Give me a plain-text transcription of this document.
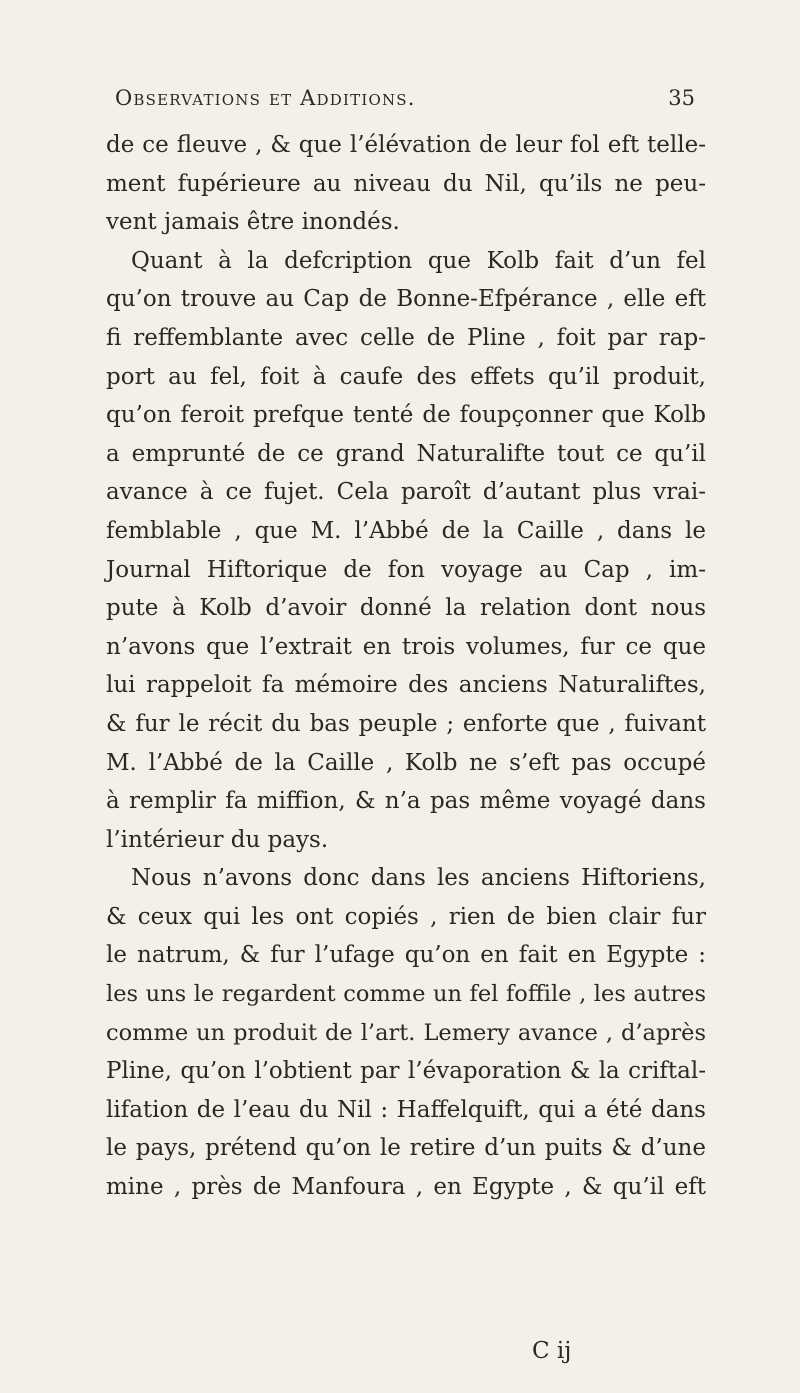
Observations et Additions.	35
de ce fleuve , & que l’élévation de leur fol eft telle-
ment fupérieure au niveau du Nil, qu’ils ne peu-
vent jamais être inondés.
Quant à la defcription que Kolb fait d’un fel
qu’on trouve au Cap de Bonne-Efpérance , elle eft
fi reffemblante avec celle de Pline , foit par rap-
port au fel, foit à caufe des effets qu’il produit,
qu’on feroit prefque tenté de foupçonner que Kolb
a emprunté de ce grand Naturalifte tout ce qu’il
avance à ce fujet. Cela paroît d’autant plus vrai-
femblable , que M. l’Abbé de la Caille , dans le
Journal Hiftorique de fon voyage au Cap , im-
pute à Kolb d’avoir donné la relation dont nous
n’avons que l’extrait en trois volumes, fur ce que
lui rappeloit fa mémoire des anciens Naturaliftes,
& fur le récit du bas peuple ; enforte que , fuivant
M. l’Abbé de la Caille , Kolb ne s’eft pas occupé
à remplir fa miffion, & n’a pas même voyagé dans
l’intérieur du pays.
Nous n’avons donc dans les anciens Hiftoriens,
& ceux qui les ont copiés , rien de bien clair fur
le natrum, & fur l’ufage qu’on en fait en Egypte :
les uns le regardent comme un fel foffile , les autres
comme un produit de l’art. Lemery avance , d’après
Pline, qu’on l’obtient par l’évaporation & la criftal-
lifation de l’eau du Nil : Haffelquift, qui a été dans
le pays, prétend qu’on le retire d’un puits & d’une
mine , près de Manfoura , en Egypte , & qu’il eft
C ij
